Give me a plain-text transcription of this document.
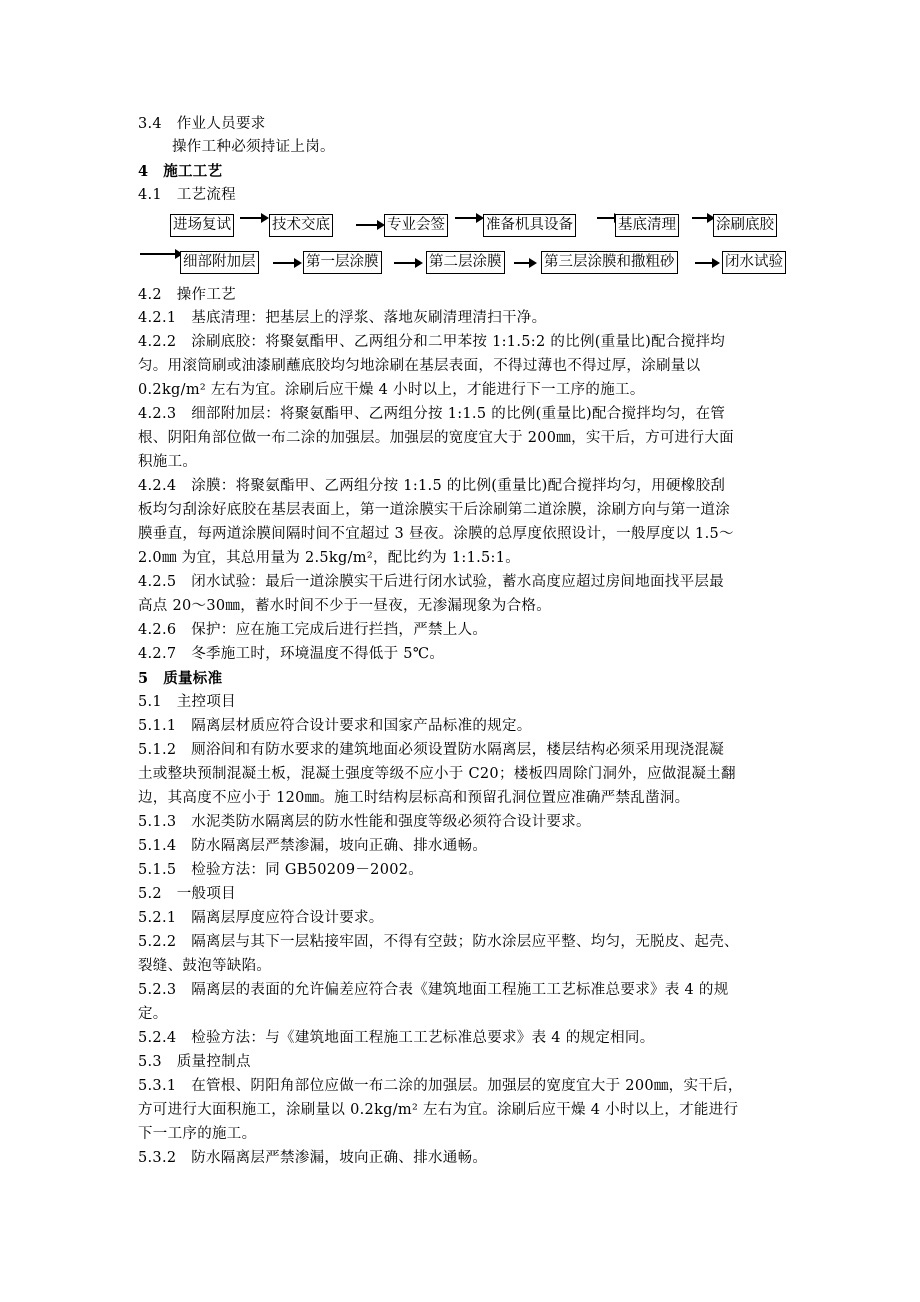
3.4　作业人员要求
操作工种必须持证上岗。
4　施工工艺
4.1　工艺流程
进场复试	技术交底	专业会签	准备机具设备	基底清理	涂刷底胶
细部附加层	第一层涂膜	第二层涂膜	第三层涂膜和撒粗砂	闭水试验
4.2　操作工艺
4.2.1　基底清理：把基层上的浮浆、落地灰刷清理清扫干净。
4.2.2　涂刷底胶：将聚氨酯甲、乙两组分和二甲苯按 1:1.5:2 的比例(重量比)配合搅拌均
匀。用滚筒刷或油漆刷蘸底胶均匀地涂刷在基层表面，不得过薄也不得过厚，涂刷量以
0.2kg/m² 左右为宜。涂刷后应干燥 4 小时以上，才能进行下一工序的施工。
4.2.3　细部附加层：将聚氨酯甲、乙两组分按 1:1.5 的比例(重量比)配合搅拌均匀，在管
根、阴阳角部位做一布二涂的加强层。加强层的宽度宜大于 200㎜，实干后，方可进行大面
积施工。
4.2.4　涂膜：将聚氨酯甲、乙两组分按 1:1.5 的比例(重量比)配合搅拌均匀，用硬橡胶刮
板均匀刮涂好底胶在基层表面上，第一道涂膜实干后涂刷第二道涂膜，涂刷方向与第一道涂
膜垂直，每两道涂膜间隔时间不宜超过 3 昼夜。涂膜的总厚度依照设计，一般厚度以 1.5～
2.0㎜ 为宜，其总用量为 2.5kg/m²，配比约为 1:1.5:1。
4.2.5　闭水试验：最后一道涂膜实干后进行闭水试验，蓄水高度应超过房间地面找平层最
高点 20～30㎜，蓄水时间不少于一昼夜，无渗漏现象为合格。
4.2.6　保护：应在施工完成后进行拦挡，严禁上人。
4.2.7　冬季施工时，环境温度不得低于 5℃。
5　质量标准
5.1　主控项目
5.1.1　隔离层材质应符合设计要求和国家产品标准的规定。
5.1.2　厕浴间和有防水要求的建筑地面必须设置防水隔离层，楼层结构必须采用现浇混凝
土或整块预制混凝土板，混凝土强度等级不应小于 C20；楼板四周除门洞外，应做混凝土翻
边，其高度不应小于 120㎜。施工时结构层标高和预留孔洞位置应准确严禁乱凿洞。
5.1.3　水泥类防水隔离层的防水性能和强度等级必须符合设计要求。
5.1.4　防水隔离层严禁渗漏，坡向正确、排水通畅。
5.1.5　检验方法：同 GB50209－2002。
5.2　一般项目
5.2.1　隔离层厚度应符合设计要求。
5.2.2　隔离层与其下一层粘接牢固，不得有空鼓；防水涂层应平整、均匀，无脱皮、起壳、
裂缝、鼓泡等缺陷。
5.2.3　隔离层的表面的允许偏差应符合表《建筑地面工程施工工艺标准总要求》表 4 的规
定。
5.2.4　检验方法：与《建筑地面工程施工工艺标准总要求》表 4 的规定相同。
5.3　质量控制点
5.3.1　在管根、阴阳角部位应做一布二涂的加强层。加强层的宽度宜大于 200㎜，实干后，
方可进行大面积施工，涂刷量以 0.2kg/m² 左右为宜。涂刷后应干燥 4 小时以上，才能进行
下一工序的施工。
5.3.2　防水隔离层严禁渗漏，坡向正确、排水通畅。
